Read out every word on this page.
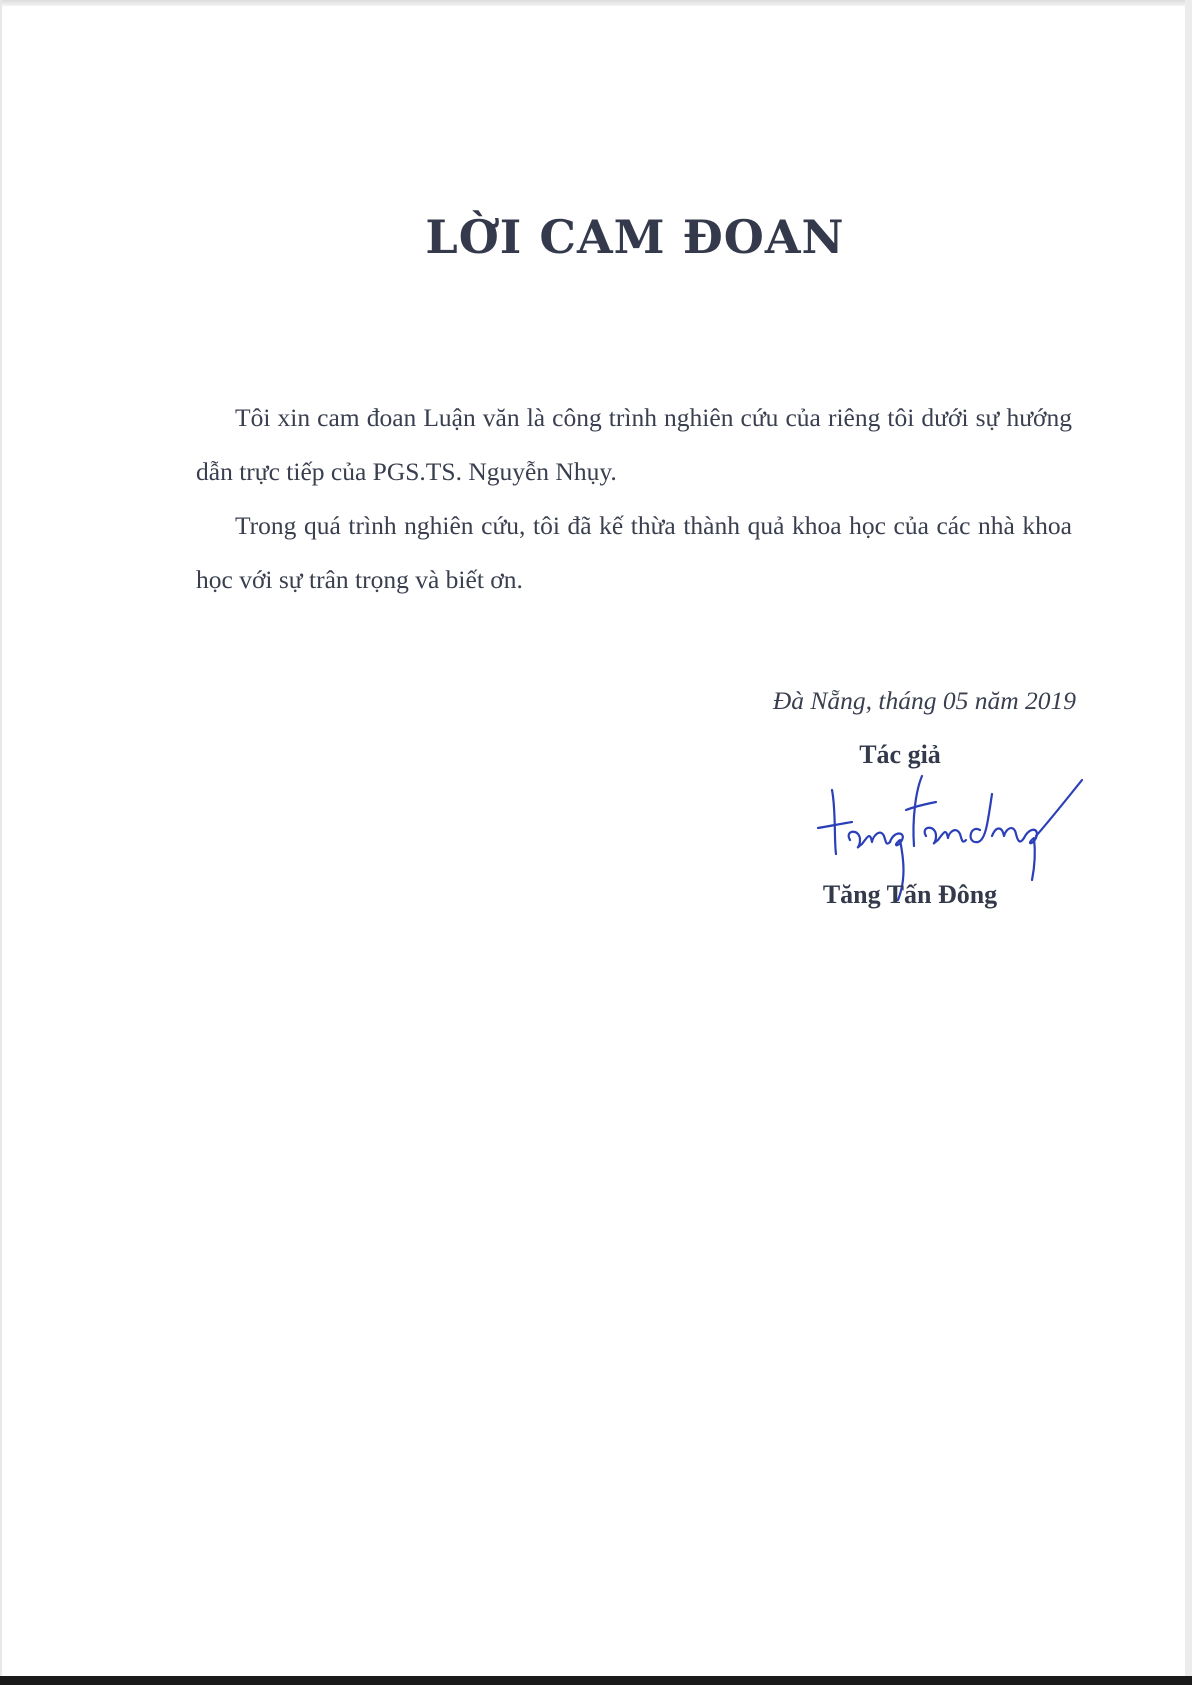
LỜI CAM ĐOAN

Tôi xin cam đoan Luận văn là công trình nghiên cứu của riêng tôi dưới sự hướng dẫn trực tiếp của PGS.TS. Nguyễn Nhụy.

Trong quá trình nghiên cứu, tôi đã kế thừa thành quả khoa học của các nhà khoa học với sự trân trọng và biết ơn.

Đà Nẵng, tháng 05 năm 2019
Tác giả
Tăng Tấn Đông
